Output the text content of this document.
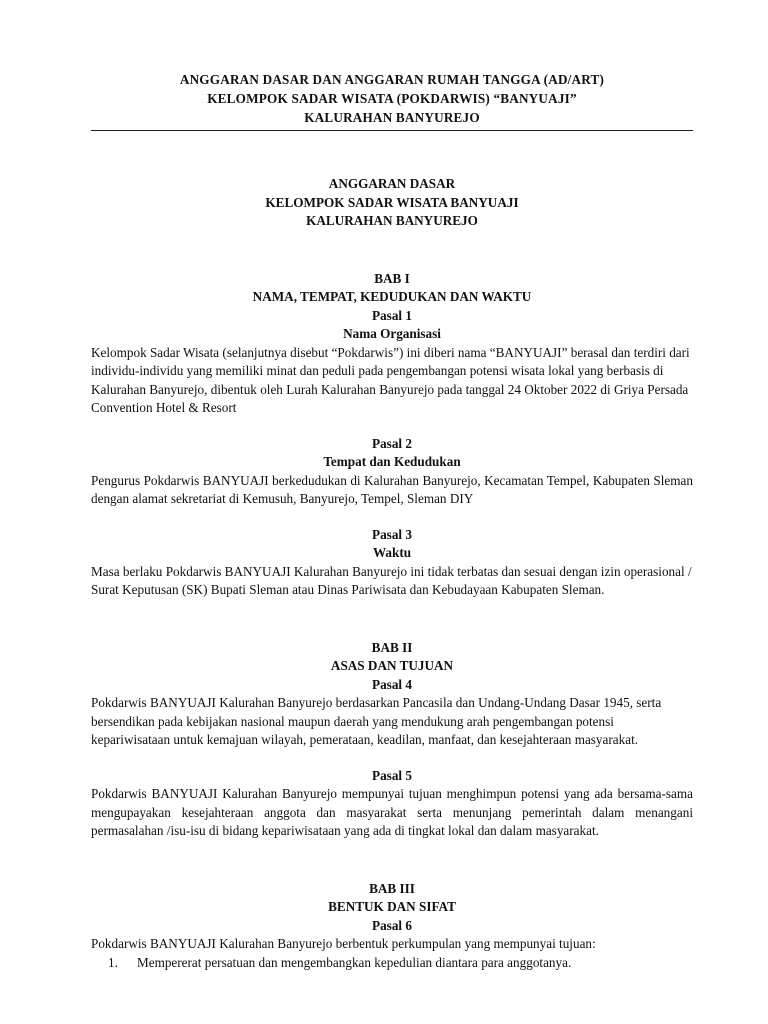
ANGGARAN DASAR DAN ANGGARAN RUMAH TANGGA (AD/ART)
KELOMPOK SADAR WISATA (POKDARWIS) “BANYUAJI”
KALURAHAN BANYUREJO
ANGGARAN DASAR
KELOMPOK SADAR WISATA BANYUAJI
KALURAHAN BANYUREJO
BAB I
NAMA, TEMPAT, KEDUDUKAN DAN WAKTU
Pasal 1
Nama Organisasi
Kelompok Sadar Wisata (selanjutnya disebut “Pokdarwis”) ini diberi nama “BANYUAJI” berasal dan terdiri dari individu-individu yang memiliki minat dan peduli pada pengembangan potensi wisata lokal yang berbasis di Kalurahan Banyurejo, dibentuk oleh Lurah Kalurahan Banyurejo pada tanggal 24 Oktober 2022 di Griya Persada Convention Hotel & Resort
Pasal 2
Tempat dan Kedudukan
Pengurus Pokdarwis BANYUAJI berkedudukan di Kalurahan Banyurejo, Kecamatan Tempel, Kabupaten Sleman dengan alamat sekretariat di Kemusuh, Banyurejo, Tempel, Sleman DIY
Pasal 3
Waktu
Masa berlaku Pokdarwis BANYUAJI Kalurahan Banyurejo ini tidak terbatas dan sesuai dengan izin operasional / Surat Keputusan (SK) Bupati Sleman atau Dinas Pariwisata dan Kebudayaan Kabupaten Sleman.
BAB II
ASAS DAN TUJUAN
Pasal 4
Pokdarwis BANYUAJI Kalurahan Banyurejo berdasarkan Pancasila dan Undang-Undang Dasar 1945, serta bersendikan pada kebijakan nasional maupun daerah yang mendukung arah pengembangan potensi kepariwisataan untuk kemajuan wilayah, pemerataan, keadilan, manfaat, dan kesejahteraan masyarakat.
Pasal 5
Pokdarwis BANYUAJI Kalurahan Banyurejo mempunyai tujuan menghimpun potensi yang ada bersama-sama mengupayakan kesejahteraan anggota dan masyarakat serta menunjang pemerintah dalam menangani permasalahan /isu-isu di bidang kepariwisataan yang ada di tingkat lokal dan dalam masyarakat.
BAB III
BENTUK DAN SIFAT
Pasal 6
Pokdarwis BANYUAJI Kalurahan Banyurejo berbentuk perkumpulan yang mempunyai tujuan:
1. Mempererat persatuan dan mengembangkan kepedulian diantara para anggotanya.
